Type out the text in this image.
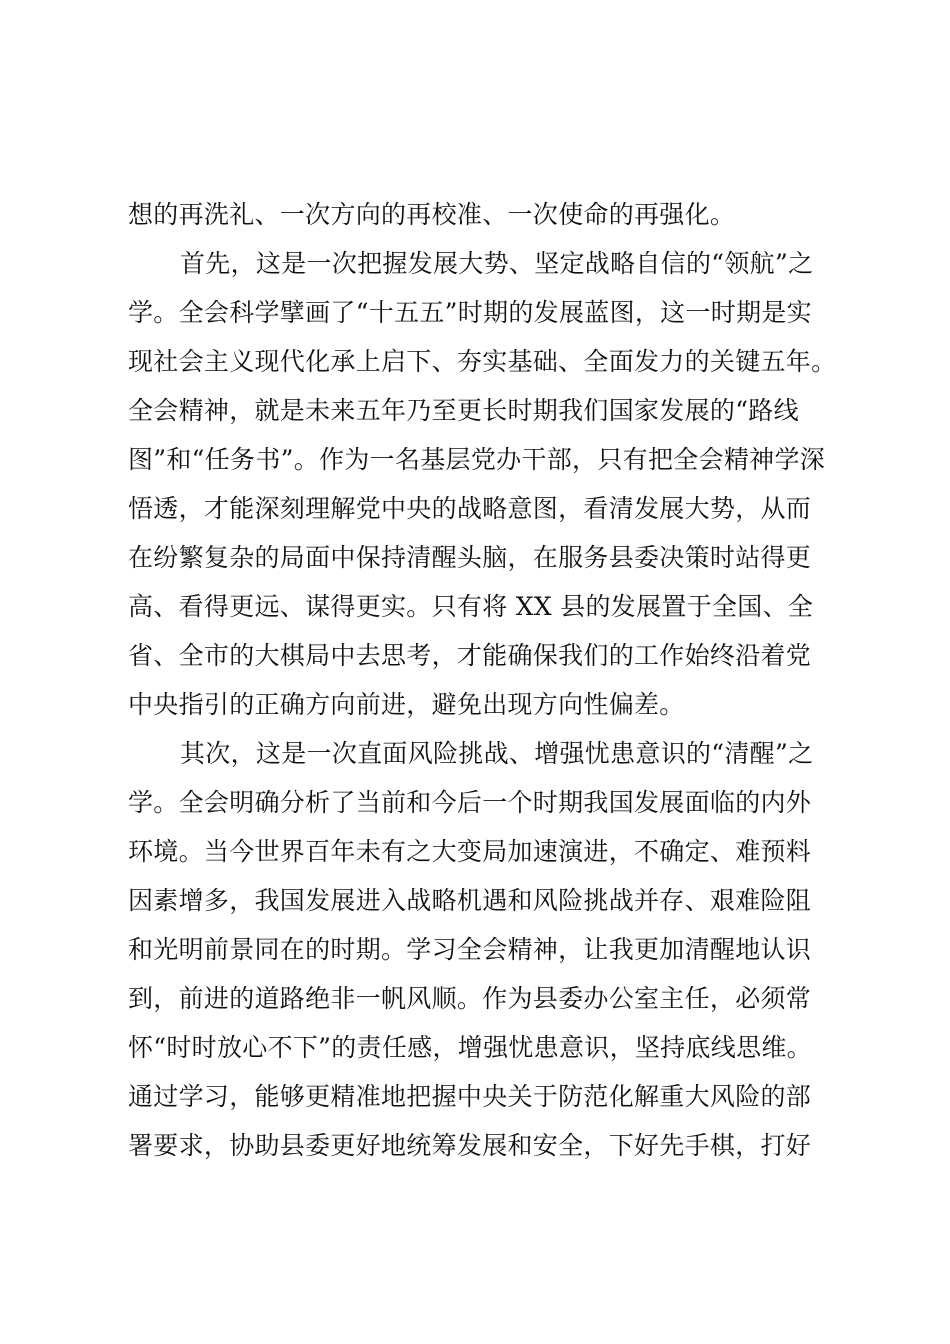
想的再洗礼、一次方向的再校准、一次使命的再强化。
首先，这是一次把握发展大势、坚定战略自信的“领航”之
学。全会科学擘画了“十五五”时期的发展蓝图，这一时期是实
现社会主义现代化承上启下、夯实基础、全面发力的关键五年。
全会精神，就是未来五年乃至更长时期我们国家发展的“路线
图”和“任务书”。作为一名基层党办干部，只有把全会精神学深
悟透，才能深刻理解党中央的战略意图，看清发展大势，从而
在纷繁复杂的局面中保持清醒头脑，在服务县委决策时站得更
高、看得更远、谋得更实。只有将 XX 县的发展置于全国、全
省、全市的大棋局中去思考，才能确保我们的工作始终沿着党
中央指引的正确方向前进，避免出现方向性偏差。
其次，这是一次直面风险挑战、增强忧患意识的“清醒”之
学。全会明确分析了当前和今后一个时期我国发展面临的内外
环境。当今世界百年未有之大变局加速演进，不确定、难预料
因素增多，我国发展进入战略机遇和风险挑战并存、艰难险阻
和光明前景同在的时期。学习全会精神，让我更加清醒地认识
到，前进的道路绝非一帆风顺。作为县委办公室主任，必须常
怀“时时放心不下”的责任感，增强忧患意识，坚持底线思维。
通过学习，能够更精准地把握中央关于防范化解重大风险的部
署要求，协助县委更好地统筹发展和安全，下好先手棋，打好
